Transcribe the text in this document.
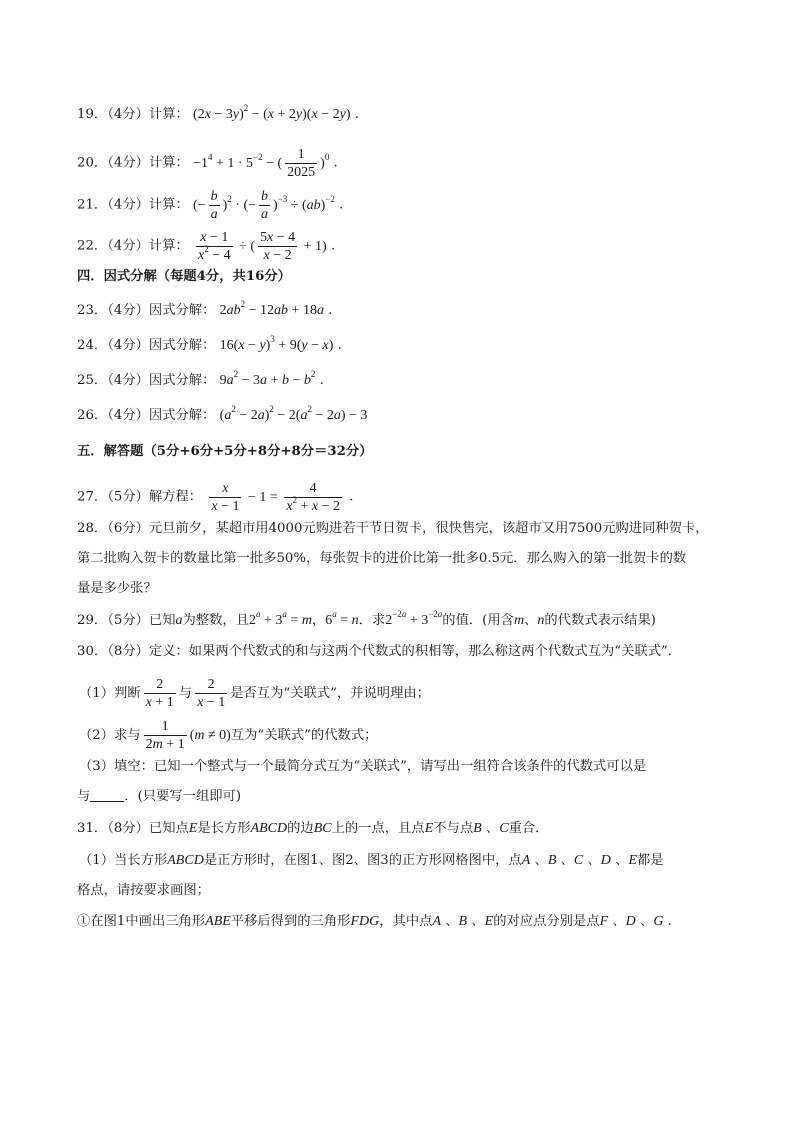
19．（4分）计算： $(2x - 3y)^2 - (x + 2y)(x - 2y)$ .
20．（4分）计算： $-1^4 + 1 \cdot 5^{-2}$ − ( $\frac{1}{2025} )^0$ .
21．（4分）计算： (− $\frac{b}{a} )^2$ · (− $\frac{b}{a} )^{-3} \div (ab)^{-2}$ .
22．（4分）计算： $\frac{x - 1}{x^2 - 4}$ ÷ ( $\frac{5x - 4}{x - 2} + 1$) .
四．因式分解（每题4分，共16分）
23．（4分）因式分解： $2ab^2 - 12ab + 18a$ .
24．（4分）因式分解： $16(x - y)^3 + 9(y - x)$ .
25．（4分）因式分解： $9a^2 - 3a + b - b^2$ .
26．（4分）因式分解： $(a^2 - 2a)^2 - 2(a^2 - 2a) - 3$
五．解答题（5分+6分+5分+8分+8分＝32分）
27．（5分）解方程： $\frac{x}{x - 1} - 1 = \frac{4}{x^2 + x - 2}$ .
28．（6分）元旦前夕，某超市用4000元购进若干节日贺卡，很快售完，该超市又用7500元购进同种贺卡，
第二批购入贺卡的数量比第一批多50%，每张贺卡的进价比第一批多0.5元．那么购入的第一批贺卡的数
量是多少张？
29．（5分）已知a为整数，且$2^a + 3^a = m$，$6^a = n$．求$2^{-2a} + 3^{-2a}$的值．(用含m、n的代数式表示结果)
30．（8分）定义：如果两个代数式的和与这两个代数式的积相等，那么称这两个代数式互为“关联式”．
（1）判断 $\frac{2}{x + 1}$ 与 $\frac{2}{x - 1}$ 是否互为“关联式”，并说明理由；
（2）求与 $\frac{1}{2m + 1} (m \ne 0)$互为“关联式”的代数式；
（3）填空：已知一个整式与一个最简分式互为“关联式”，请写出一组符合该条件的代数式可以是
与	．(只要写一组即可)
31．（8分）已知点E是长方形ABCD的边BC上的一点，且点E不与点B 、C重合．
（1）当长方形ABCD是正方形时，在图1、图2、图3的正方形网格图中，点A 、B 、C 、D 、E都是
格点，请按要求画图；
①在图1中画出三角形ABE平移后得到的三角形FDG，其中点A 、B 、E的对应点分别是点F 、D 、G .
